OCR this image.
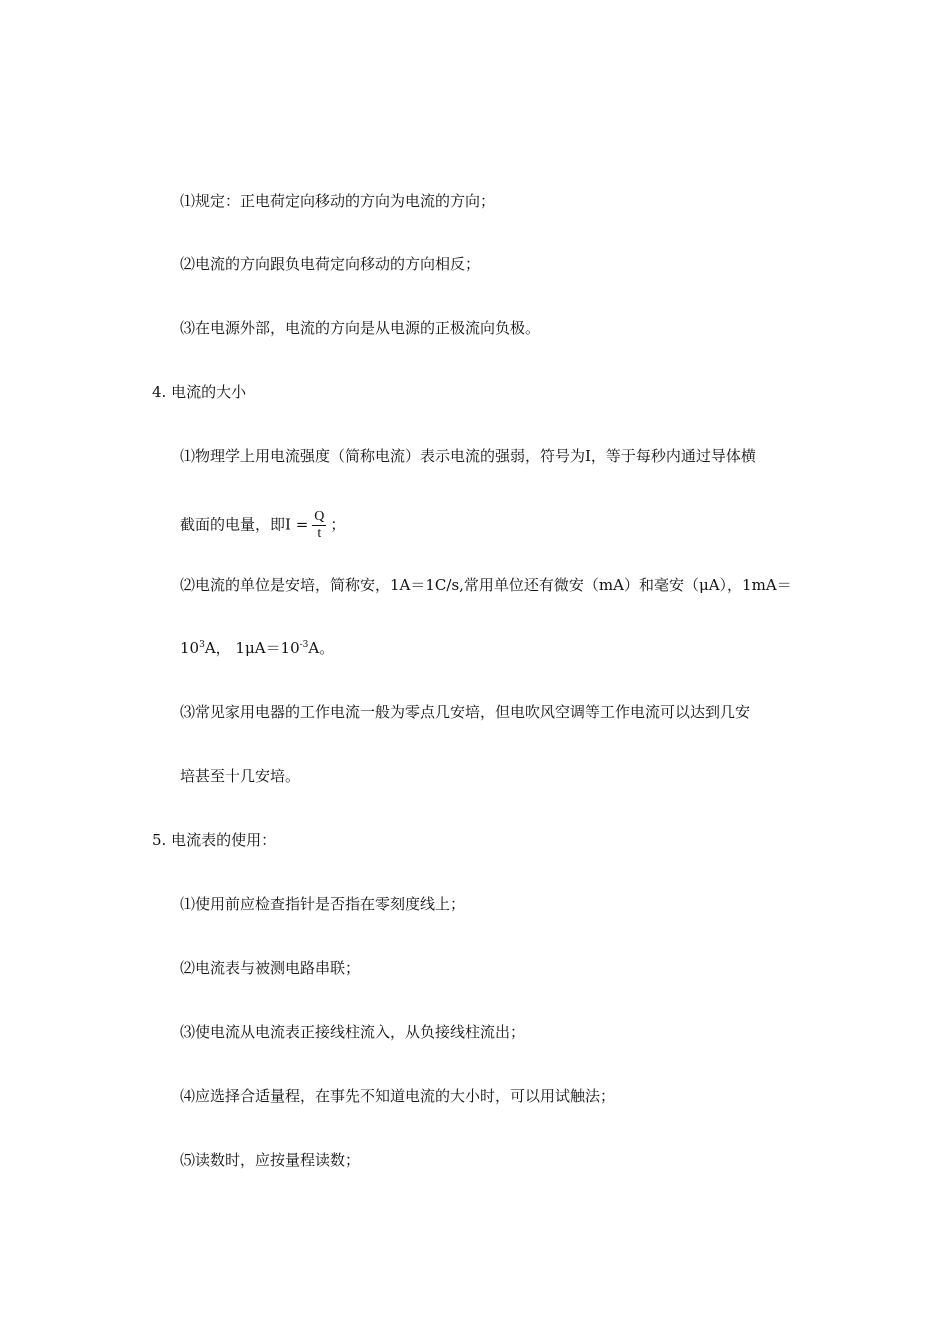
⑴规定：正电荷定向移动的方向为电流的方向；
⑵电流的方向跟负电荷定向移动的方向相反；
⑶在电源外部，电流的方向是从电源的正极流向负极。
4. 电流的大小
⑴物理学上用电流强度（简称电流）表示电流的强弱，符号为I，等于每秒内通过导体横
截面的电量，即$I = \frac{Q}{t}$ ；
⑵电流的单位是安培，简称安，1A＝1C/s,常用单位还有微安（mA）和毫安（μA），1mA＝
$10^3A$， $1\mu A=10^{-3}A$。
⑶常见家用电器的工作电流一般为零点几安培，但电吹风空调等工作电流可以达到几安
培甚至十几安培。
5. 电流表的使用：
⑴使用前应检查指针是否指在零刻度线上；
⑵电流表与被测电路串联；
⑶使电流从电流表正接线柱流入，从负接线柱流出；
⑷应选择合适量程，在事先不知道电流的大小时，可以用试触法；
⑸读数时，应按量程读数；
